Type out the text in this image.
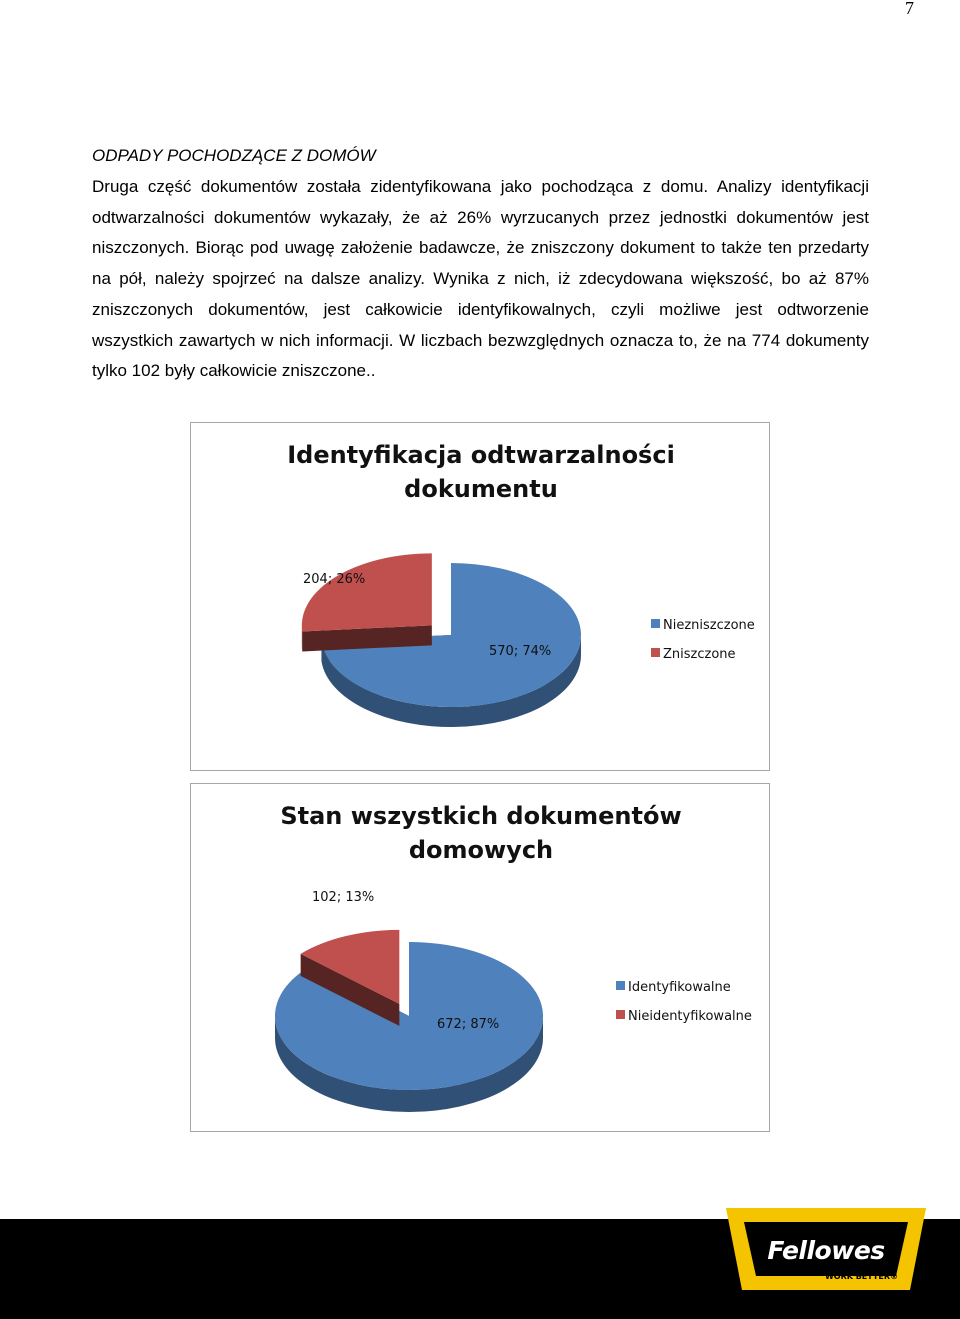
7
ODPADY POCHODZĄCE Z DOMÓW

Druga część dokumentów została zidentyfikowana jako pochodząca z domu. Analizy identyfikacji odtwarzalności dokumentów wykazały, że aż 26% wyrzucanych przez jednostki dokumentów jest niszczonych. Biorąc pod uwagę założenie badawcze, że zniszczony dokument to także ten przedarty na pół, należy spojrzeć na dalsze analizy. Wynika z nich, iż zdecydowana większość, bo aż 87% zniszczonych dokumentów, jest całkowicie identyfikowalnych, czyli możliwe jest odtworzenie wszystkich zawartych w nich informacji. W liczbach bezwzględnych oznacza to, że na 774 dokumenty tylko 102 były całkowicie zniszczone..

Identyfikacja odtwarzalności
dokumentu
Niezniszczone
Zniszczone
570; 74%
204; 26%
Stan wszystkich dokumentów
domowych
Identyfikowalne
Nieidentyfikowalne
672; 87%
102; 13%
Fellowes
WORK BETTER®
